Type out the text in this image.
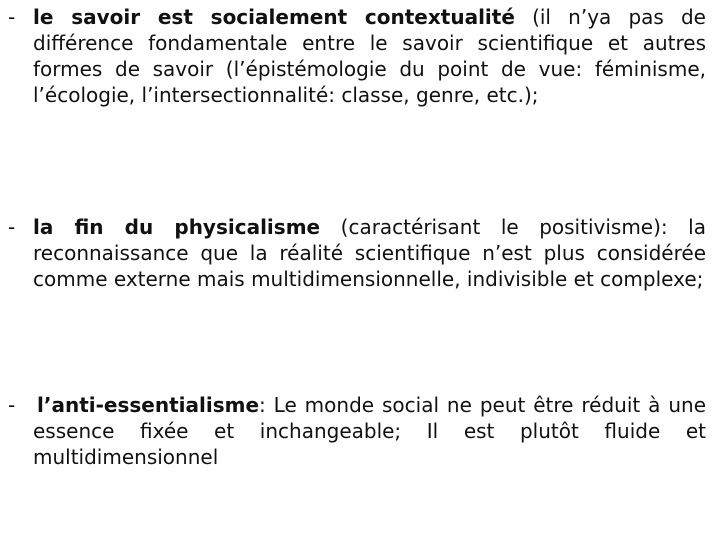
- le savoir est socialement contextualité (il n’ya pas de différence fondamentale entre le savoir scientifique et autres formes de savoir (l’épistémologie du point de vue: féminisme, l’écologie, l’intersectionnalité: classe, genre, etc.);
- la fin du physicalisme (caractérisant le positivisme): la reconnaissance que la réalité scientifique n’est plus considérée comme externe mais multidimensionnelle, indivisible et complexe;
- l’anti-essentialisme: Le monde social ne peut être réduit à une essence fixée et inchangeable; Il est plutôt fluide et multidimensionnel
